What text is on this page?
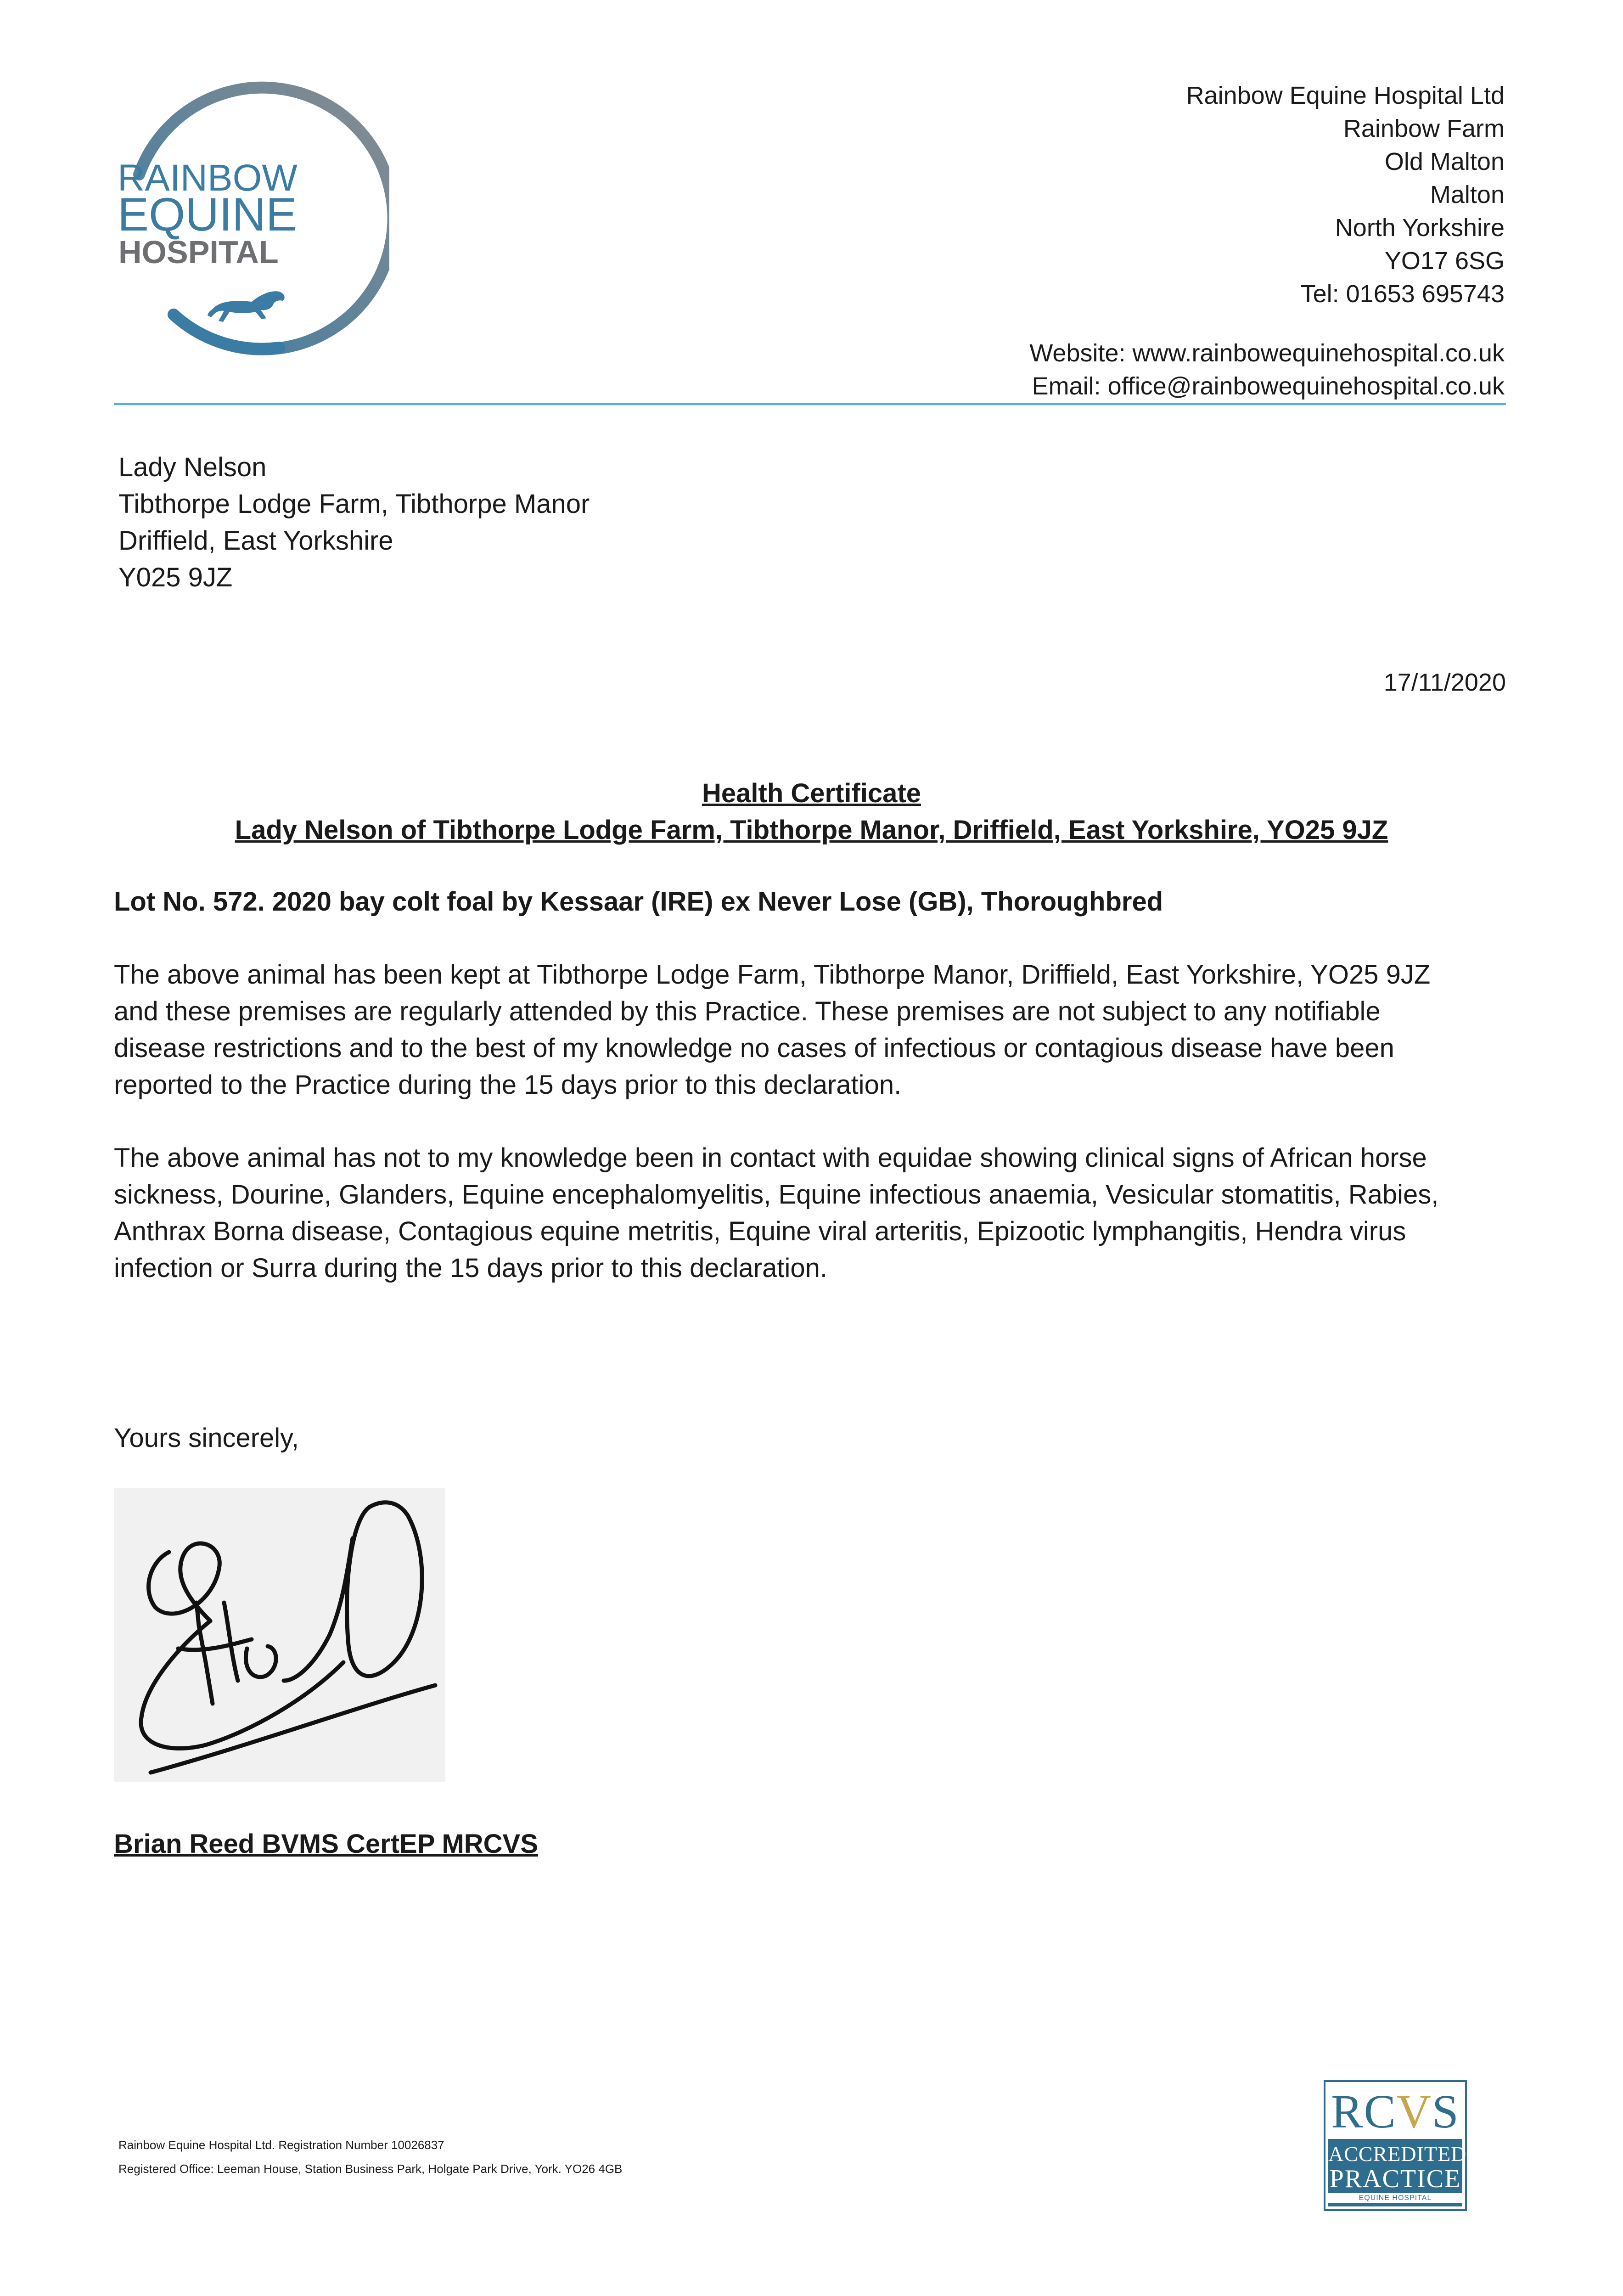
RAINBOW
EQUINE
HOSPITAL
Rainbow Equine Hospital Ltd
Rainbow Farm
Old Malton
Malton
North Yorkshire
YO17 6SG
Tel: 01653 695743
Website: www.rainbowequinehospital.co.uk
Email: office@rainbowequinehospital.co.uk
Lady Nelson
Tibthorpe Lodge Farm, Tibthorpe Manor
Driffield, East Yorkshire
Y025 9JZ
17/11/2020
Health Certificate
Lady Nelson of Tibthorpe Lodge Farm, Tibthorpe Manor, Driffield, East Yorkshire, YO25 9JZ
Lot No. 572. 2020 bay colt foal by Kessaar (IRE) ex Never Lose (GB), Thoroughbred
The above animal has been kept at Tibthorpe Lodge Farm, Tibthorpe Manor, Driffield, East Yorkshire, YO25 9JZ
and these premises are regularly attended by this Practice. These premises are not subject to any notifiable
disease restrictions and to the best of my knowledge no cases of infectious or contagious disease have been
reported to the Practice during the 15 days prior to this declaration.
The above animal has not to my knowledge been in contact with equidae showing clinical signs of African horse
sickness, Dourine, Glanders, Equine encephalomyelitis, Equine infectious anaemia, Vesicular stomatitis, Rabies,
Anthrax Borna disease, Contagious equine metritis, Equine viral arteritis, Epizootic lymphangitis, Hendra virus
infection or Surra during the 15 days prior to this declaration.
Yours sincerely,
Brian Reed BVMS CertEP MRCVS
Rainbow Equine Hospital Ltd. Registration Number 10026837
Registered Office: Leeman House, Station Business Park, Holgate Park Drive, York. YO26 4GB
RC V S
ACCREDITED
PRACTICE
EQUINE HOSPITAL
